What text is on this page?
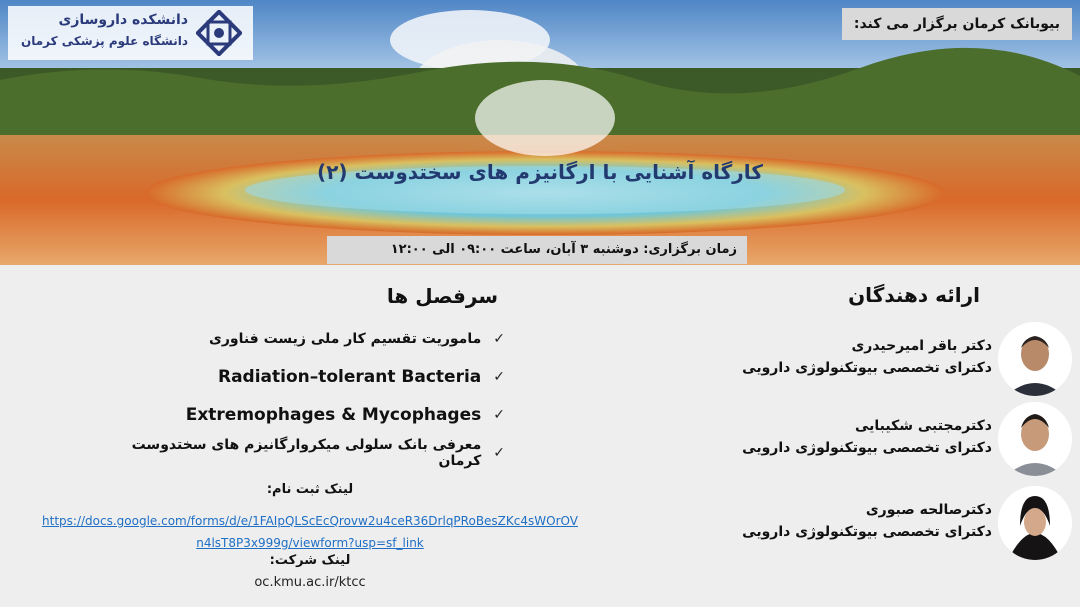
دانشکده داروسازی
دانشگاه علوم پزشکی کرمان
بیوبانک کرمان برگزار می کند:
کارگاه آشنایی با ارگانیزم های سختدوست (۲)
زمان برگزاری: دوشنبه ۳ آبان، ساعت ۰۹:۰۰ الی ۱۲:۰۰
ارائه دهندگان
دکتر باقر امیرحیدری
دکترای تخصصی بیوتکنولوژی دارویی
دکترمجتبی شکیبایی
دکترای تخصصی بیوتکنولوژی دارویی
دکترصالحه صبوری
دکترای تخصصی بیوتکنولوژی دارویی
سرفصل ها
✓
ماموریت تقسیم کار ملی زیست فناوری
✓
Radiation–tolerant Bacteria
✓
Extremophages & Mycophages
✓
معرفی بانک سلولی میکروارگانیزم های سختدوست کرمان
لینک ثبت نام:
https://docs.google.com/forms/d/e/1FAIpQLScEcQrovw2u4ceR36DrlqPRoBesZKc4sWOrOVn4lsT8P3x999g/viewform?usp=sf_link
لینک شرکت:
oc.kmu.ac.ir/ktcc
